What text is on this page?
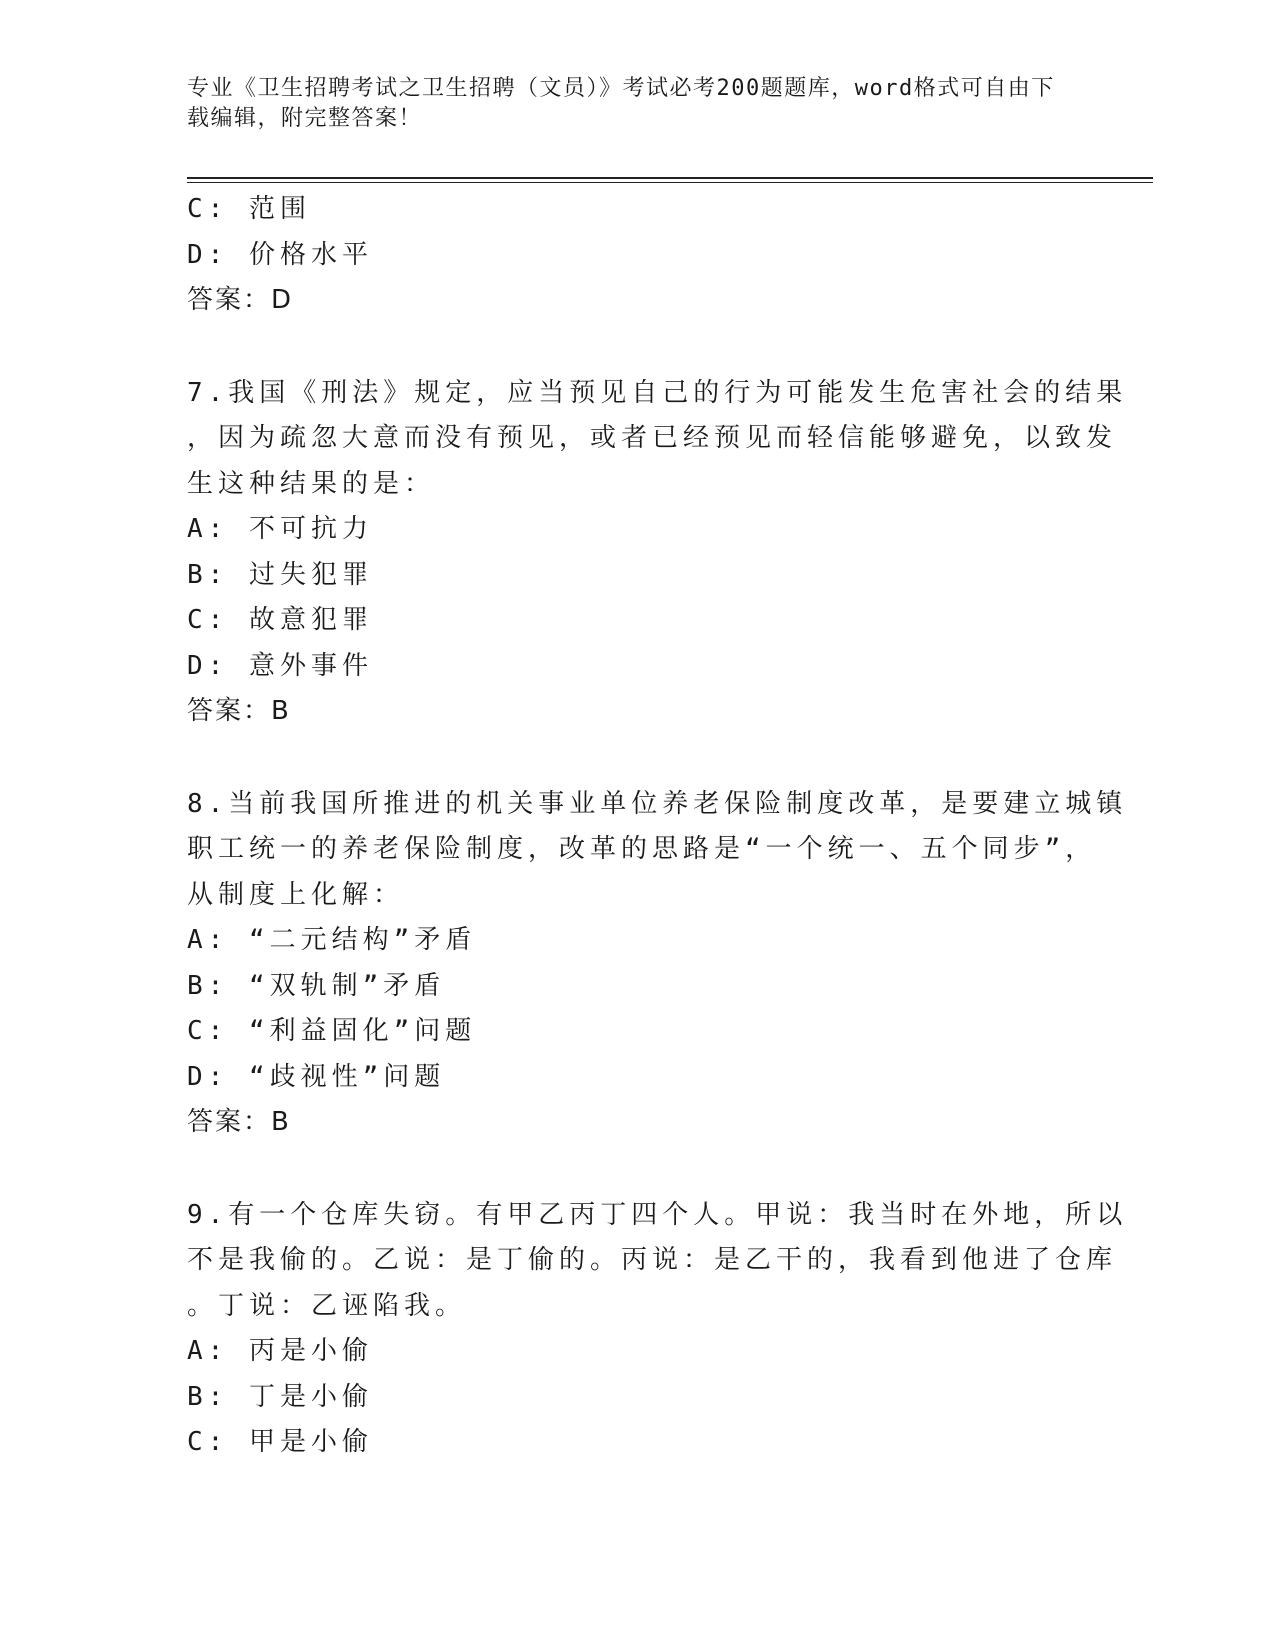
专业《卫生招聘考试之卫生招聘（文员）》考试必考200题题库，word格式可自由下载编辑，附完整答案！
C: 范围
D: 价格水平
答案：D
7.我国《刑法》规定，应当预见自己的行为可能发生危害社会的结果
，因为疏忽大意而没有预见，或者已经预见而轻信能够避免，以致发
生这种结果的是：
A: 不可抗力
B: 过失犯罪
C: 故意犯罪
D: 意外事件
答案：B
8.当前我国所推进的机关事业单位养老保险制度改革，是要建立城镇
职工统一的养老保险制度，改革的思路是“一个统一、五个同步”，
从制度上化解：
A: “二元结构”矛盾
B: “双轨制”矛盾
C: “利益固化”问题
D: “歧视性”问题
答案：B
9.有一个仓库失窃。有甲乙丙丁四个人。甲说：我当时在外地，所以
不是我偷的。乙说：是丁偷的。丙说：是乙干的，我看到他进了仓库
。丁说：乙诬陷我。
A: 丙是小偷
B: 丁是小偷
C: 甲是小偷
